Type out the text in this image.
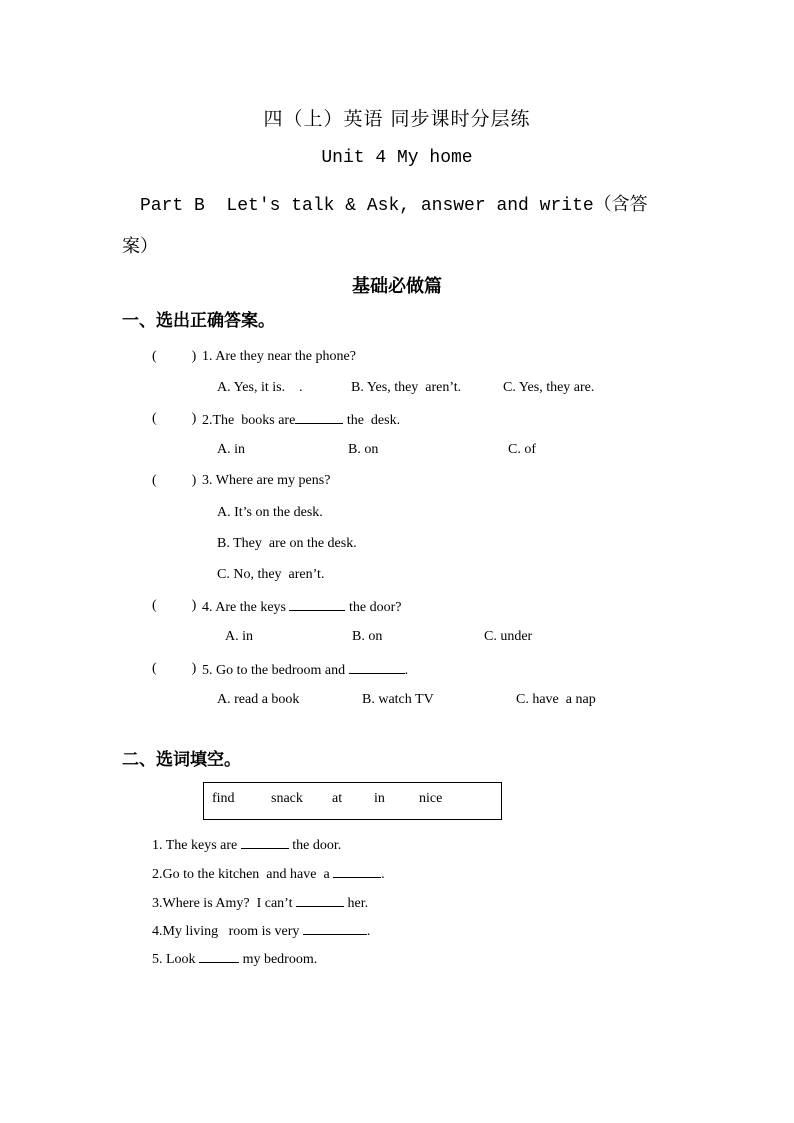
四（上）英语 同步课时分层练
Unit 4 My home
Part B  Let's talk & Ask, answer and write（含答
案）
基础必做篇
一、选出正确答案。
(          ) 1. Are they near the phone?
A. Yes, it is.    .	B. Yes, they  aren’t.	C. Yes, they are.
(          ) 2.The  books are	the  desk.
A. in	B. on	C. of
(          ) 3. Where are my pens?
A. It’s on the desk.
B. They  are on the desk.
C. No, they  aren’t.
(          ) 4. Are the keys	the door?
A. in	B. on	C. under
(          ) 5. Go to the bedroom and	.
A. read a book	B. watch TV	C. have  a nap
二、选词填空。
find	snack at in nice
1. The keys are	the door.
2.Go to the kitchen  and have  a	.
3.Where is Amy?  I can’t	her.
4.My living   room is very	.
5. Look	my bedroom.
